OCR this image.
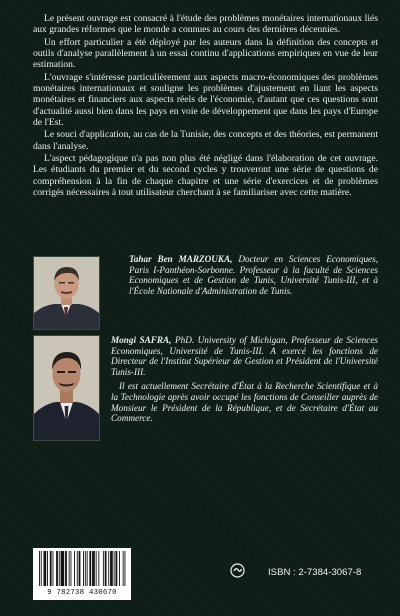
Le présent ouvrage est consacré à l'étude des problèmes monétaires internationaux liés aux grandes réformes que le monde a connues au cours des dernières décennies.

Un effort particulier a été déployé par les auteurs dans la définition des concepts et outils d'analyse parallèlement à un essai continu d'applications empiriques en vue de leur estimation.

L'ouvrage s'intéresse particulièrement aux aspects macro-économiques des problèmes monétaires internationaux et souligne les problèmes d'ajustement en liant les aspects monétaires et financiers aux aspects réels de l'économie, d'autant que ces questions sont d'actualité aussi bien dans les pays en voie de développement que dans les pays d'Europe de l'Est.

Le souci d'application, au cas de la Tunisie, des concepts et des théories, est permanent dans l'analyse.

L'aspect pédagogique n'a pas non plus été négligé dans l'élaboration de cet ouvrage. Les étudiants du premier et du second cycles y trouveront une série de questions de compréhension à la fin de chaque chapitre et une série d'exercices et de problèmes corrigés nécessaires à tout utilisateur cherchant à se familiariser avec cette matière.

Tahar Ben MARZOUKA, Docteur en Sciences Economiques, Paris I-Panthéon-Sorbonne. Professeur à la faculté de Sciences Economiques et de Gestion de Tunis, Université Tunis-III, et à l'École Nationale d'Administration de Tunis.

Mongi SAFRA, PhD. University of Michigan, Professeur de Sciences Economiques, Université de Tunis-III. A exercé les fonctions de Directeur de l'Institut Supérieur de Gestion et Président de l'Université Tunis-III.

Il est actuellement Secrétaire d'État à la Recherche Scientifique et à la Technologie après avoir occupé les fonctions de Conseiller auprès de Monsieur le Président de la République, et de Secrétaire d'État au Commerce.

9 782738 430670
ISBN : 2-7384-3067-8
